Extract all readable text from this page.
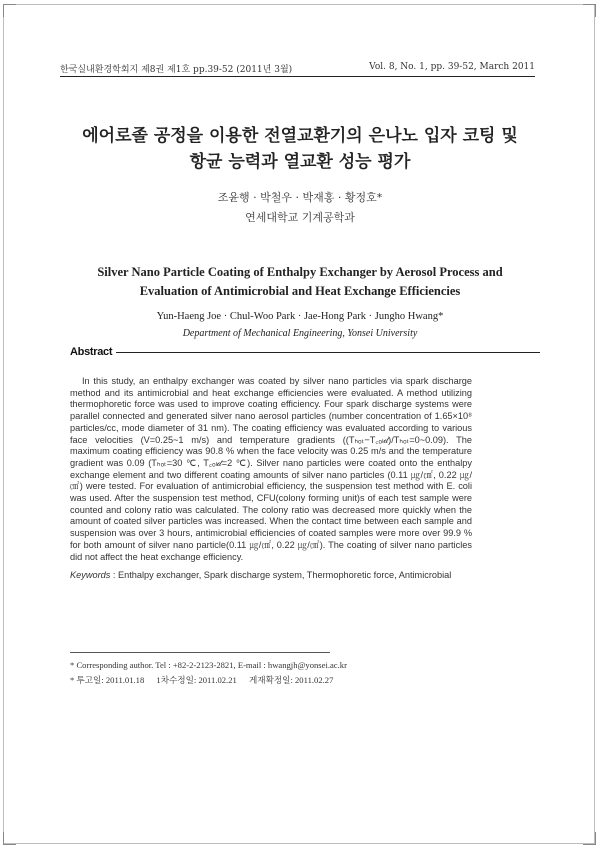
한국실내환경학회지 제8권 제1호 pp.39-52 (2011년 3월)	Vol. 8, No. 1, pp. 39-52, March 2011
에어로졸 공정을 이용한 전열교환기의 은나노 입자 코팅 및
항균 능력과 열교환 성능 평가
조윤행 · 박철우 · 박재홍 · 황정호*
연세대학교 기계공학과
Silver Nano Particle Coating of Enthalpy Exchanger by Aerosol Process and
Evaluation of Antimicrobial and Heat Exchange Efficiencies
Yun-Haeng Joe · Chul-Woo Park · Jae-Hong Park · Jungho Hwang*
Department of Mechanical Engineering, Yonsei University
Abstract

In this study, an enthalpy exchanger was coated by silver nano particles via spark discharge method and its antimicrobial and heat exchange efficiencies were evaluated. A method utilizing thermophoretic force was used to improve coating efficiency. Four spark discharge systems were parallel connected and generated silver nano aerosol particles (number concentration of 1.65×10⁸ particles/cc, mode diameter of 31 nm). The coating efficiency was evaluated according to various face velocities (V=0.25~1 m/s) and temperature gradients ((Tₕₒₜ−T꜀ₒₗ𝒹)/Tₕₒₜ=0~0.09). The maximum coating efficiency was 90.8 % when the face velocity was 0.25 m/s and the temperature gradient was 0.09 (Tₕₒₜ=30 ℃, T꜀ₒₗ𝒹=2 ℃). Silver nano particles were coated onto the enthalpy exchange element and two different coating amounts of silver nano particles (0.11 ㎍/㎠, 0.22 ㎍/㎠) were tested. For evaluation of antimicrobial efficiency, the suspension test method with E. coli was used. After the suspension test method, CFU(colony forming unit)s of each test sample were counted and colony ratio was calculated. The colony ratio was decreased more quickly when the amount of coated silver particles was increased. When the contact time between each sample and suspension was over 3 hours, antimicrobial efficiencies of coated samples were more over 99.9 % for both amount of silver nano particle(0.11 ㎍/㎠, 0.22 ㎍/㎠). The coating of silver nano particles did not affect the heat exchange efficiency.

Keywords : Enthalpy exchanger, Spark discharge system, Thermophoretic force, Antimicrobial
* Corresponding author. Tel : +82-2-2123-2821, E-mail : hwangjh@yonsei.ac.kr
* 투고일: 2011.01.18 1차수정일: 2011.02.21 게재확정일: 2011.02.27
